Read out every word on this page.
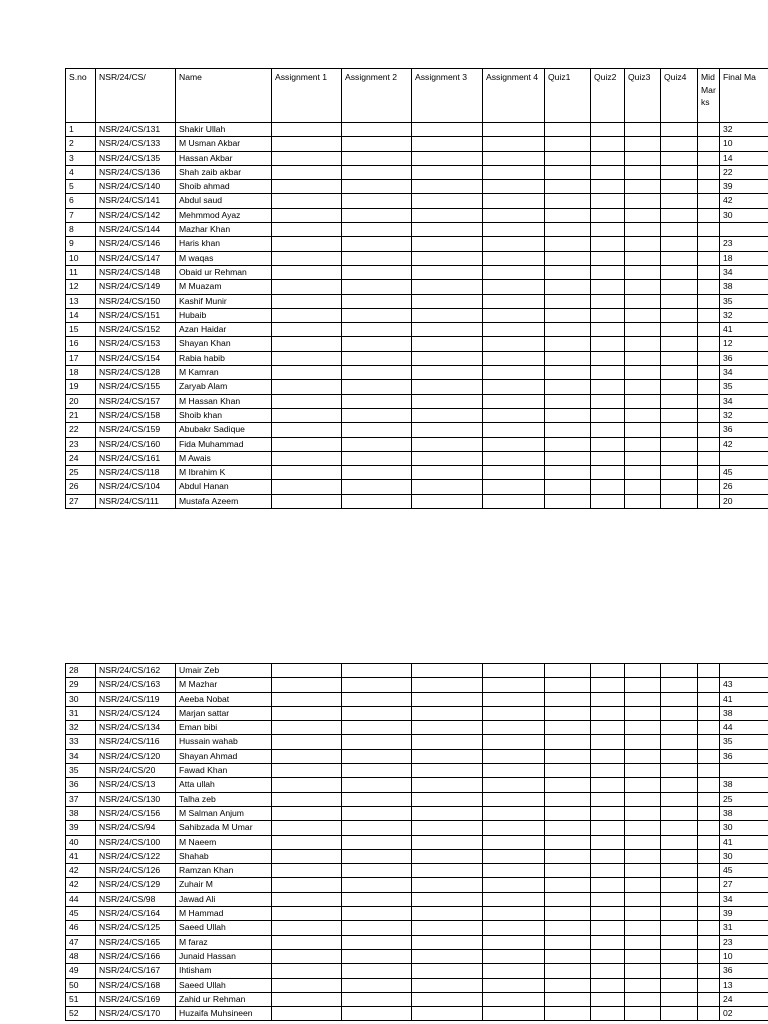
S.no	NSR/24/CS/	Name	Assignment 1	Assignment 2	Assignment 3	Assignment 4	Quiz1	Quiz2	Quiz3	Quiz4	Mid Marks	Final Ma
1	NSR/24/CS/131	Shakir Ullah										32
2	NSR/24/CS/133	M Usman Akbar										10
3	NSR/24/CS/135	Hassan Akbar										14
4	NSR/24/CS/136	Shah zaib akbar										22
5	NSR/24/CS/140	Shoib ahmad										39
6	NSR/24/CS/141	Abdul saud										42
7	NSR/24/CS/142	Mehmmod Ayaz										30
8	NSR/24/CS/144	Mazhar Khan										
9	NSR/24/CS/146	Haris khan										23
10	NSR/24/CS/147	M waqas										18
11	NSR/24/CS/148	Obaid ur Rehman										34
12	NSR/24/CS/149	M Muazam										38
13	NSR/24/CS/150	Kashif Munir										35
14	NSR/24/CS/151	Hubaib										32
15	NSR/24/CS/152	Azan Haidar										41
16	NSR/24/CS/153	Shayan Khan										12
17	NSR/24/CS/154	Rabia habib										36
18	NSR/24/CS/128	M Kamran										34
19	NSR/24/CS/155	Zaryab Alam										35
20	NSR/24/CS/157	M Hassan Khan										34
21	NSR/24/CS/158	Shoib khan										32
22	NSR/24/CS/159	Abubakr Sadique										36
23	NSR/24/CS/160	Fida Muhammad										42
24	NSR/24/CS/161	M Awais										
25	NSR/24/CS/118	M Ibrahim K										45
26	NSR/24/CS/104	Abdul Hanan										26
27	NSR/24/CS/111	Mustafa Azeem										20
28	NSR/24/CS/162	Umair Zeb										
29	NSR/24/CS/163	M Mazhar										43
30	NSR/24/CS/119	Aeeba Nobat										41
31	NSR/24/CS/124	Marjan sattar										38
32	NSR/24/CS/134	Eman bibi										44
33	NSR/24/CS/116	Hussain wahab										35
34	NSR/24/CS/120	Shayan Ahmad										36
35	NSR/24/CS/20	Fawad Khan										
36	NSR/24/CS/13	Atta ullah										38
37	NSR/24/CS/130	Talha zeb										25
38	NSR/24/CS/156	M Salman Anjum										38
39	NSR/24/CS/94	Sahibzada M Umar										30
40	NSR/24/CS/100	M Naeem										41
41	NSR/24/CS/122	Shahab										30
42	NSR/24/CS/126	Ramzan Khan										45
42	NSR/24/CS/129	Zuhair M										27
44	NSR/24/CS/98	Jawad Ali										34
45	NSR/24/CS/164	M Hammad										39
46	NSR/24/CS/125	Saeed Ullah										31
47	NSR/24/CS/165	M faraz										23
48	NSR/24/CS/166	Junaid Hassan										10
49	NSR/24/CS/167	Ihtisham										36
50	NSR/24/CS/168	Saeed Ullah										13
51	NSR/24/CS/169	Zahid ur Rehman										24
52	NSR/24/CS/170	Huzaifa Muhsineen										02
